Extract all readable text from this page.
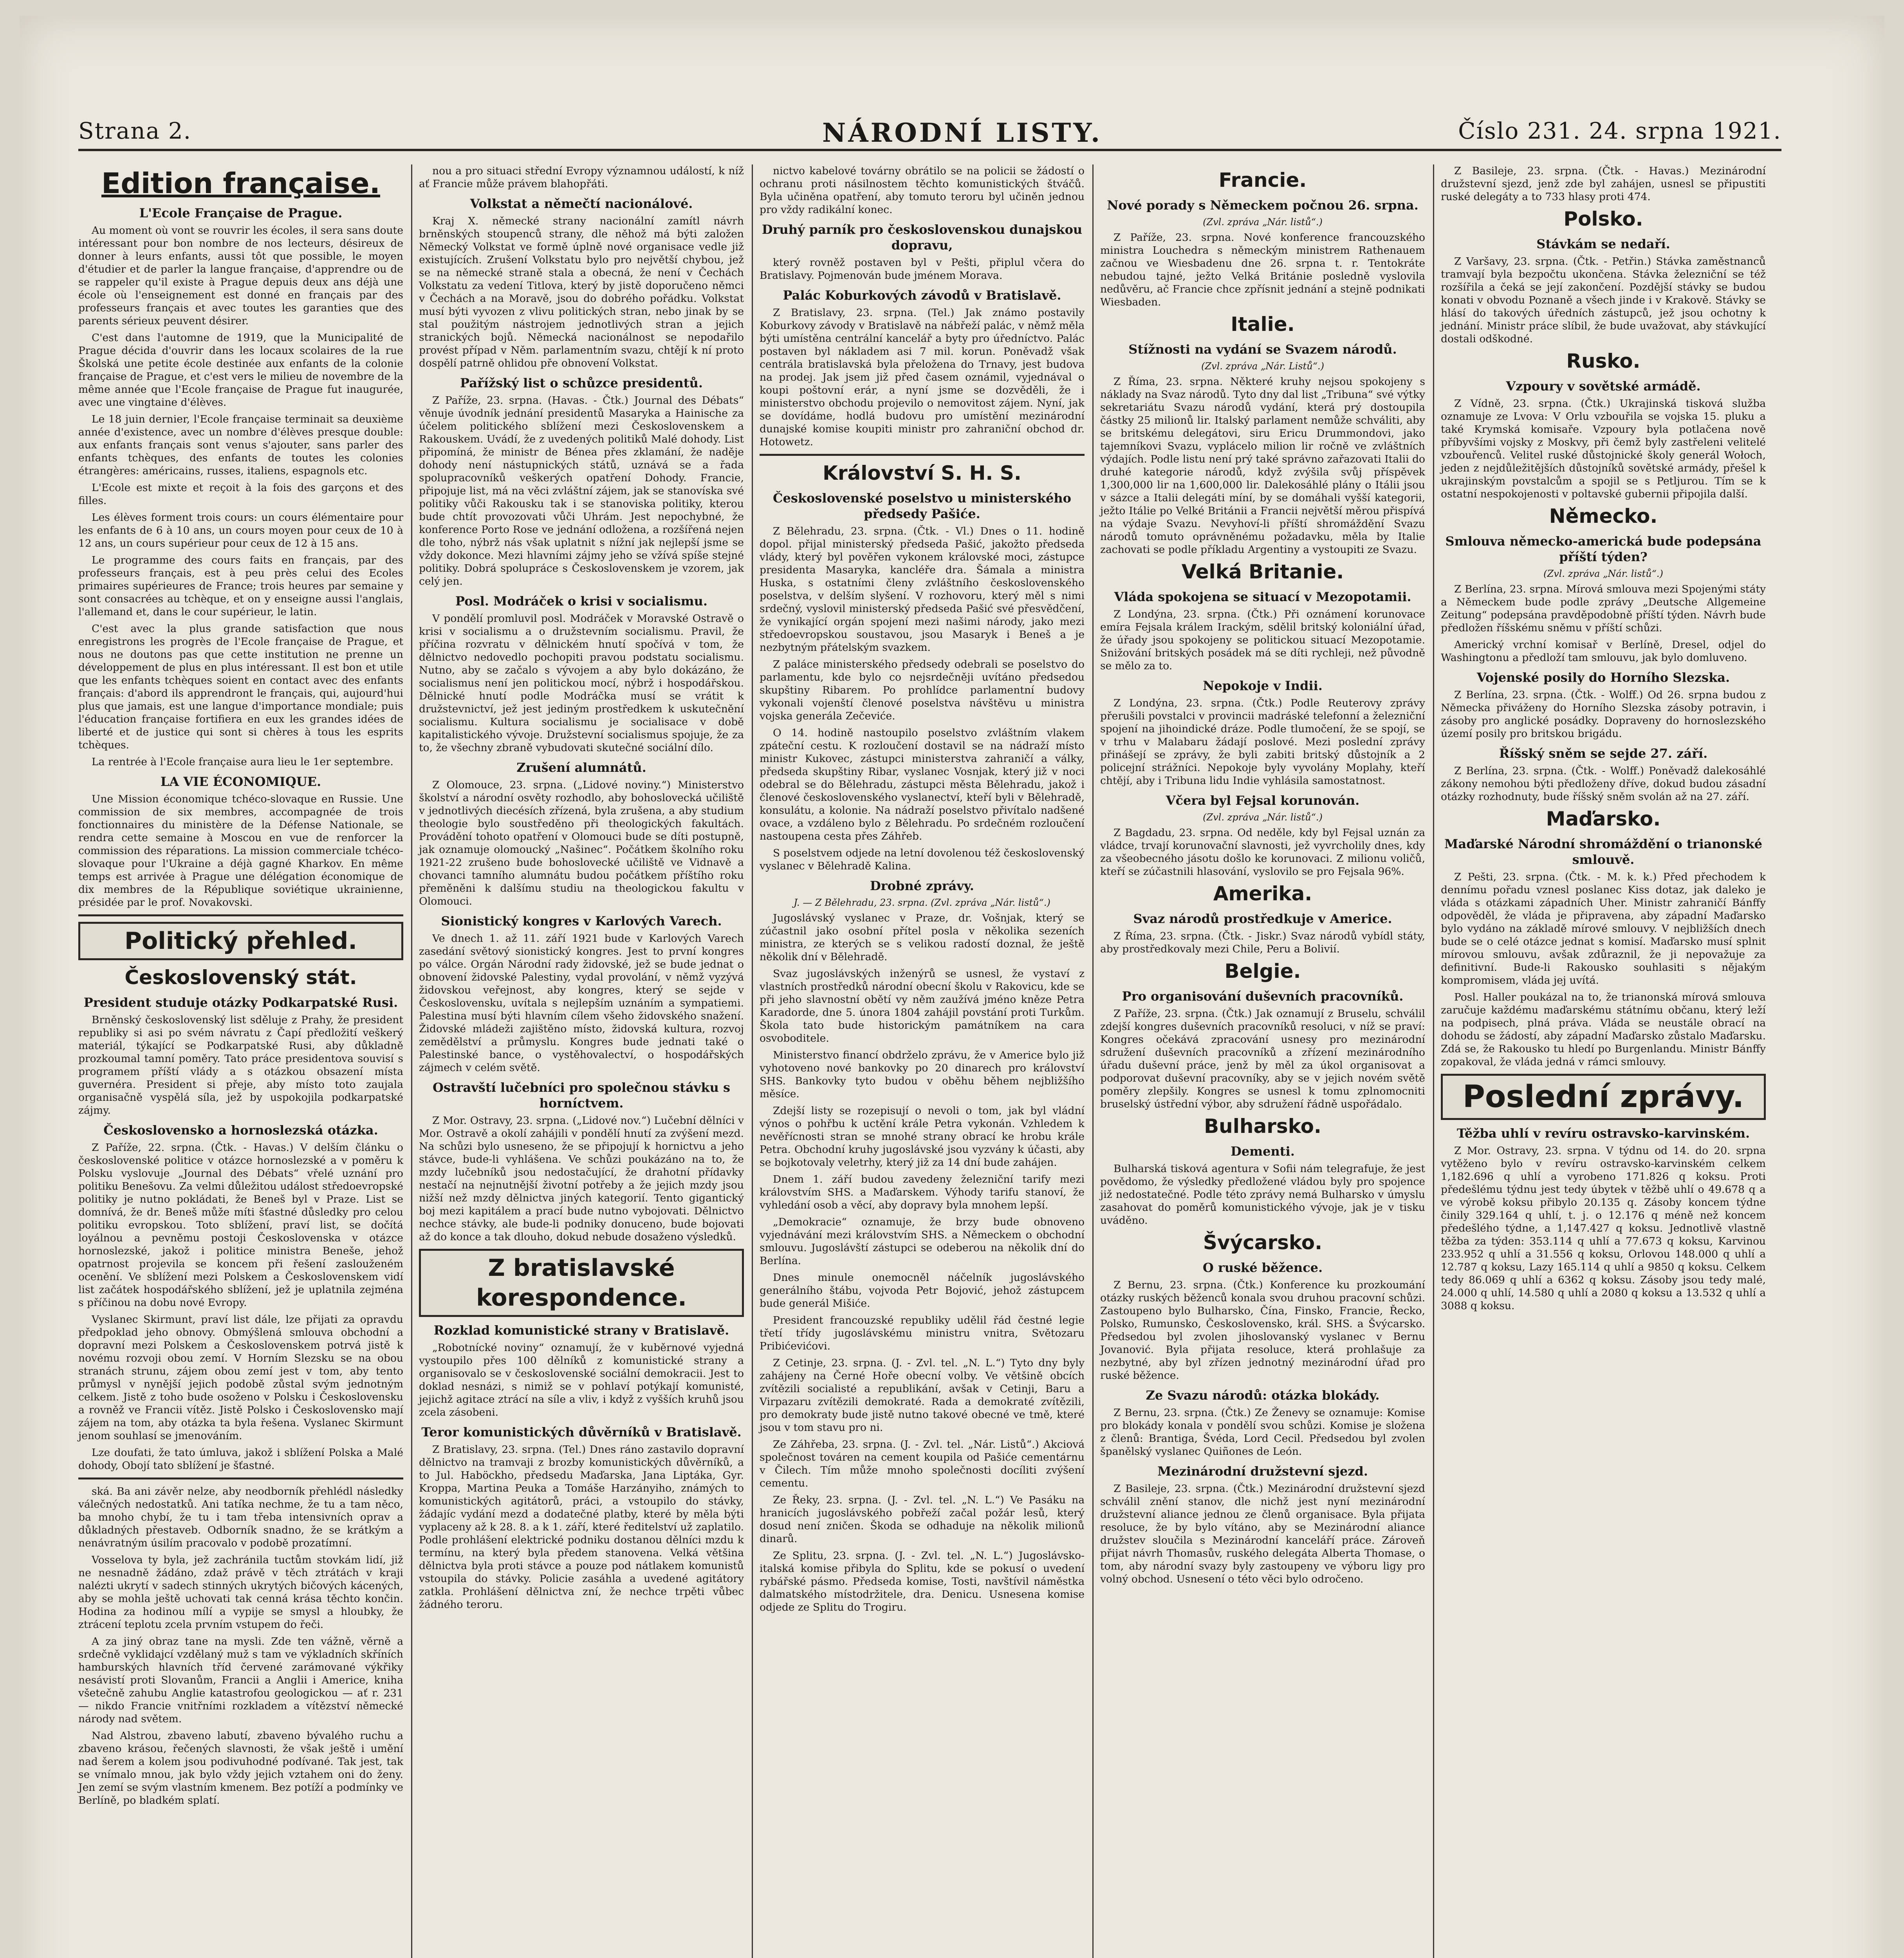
Strana 2.	NÁRODNÍ LISTY.	Číslo 231. 24. srpna 1921.
Edition française.
L'Ecole Française de Prague.

Au moment où vont se rouvrir les écoles, il sera sans doute intéressant pour bon nombre de nos lecteurs, désireux de donner à leurs enfants, aussi tôt que possible, le moyen d'étudier et de parler la langue française, d'apprendre ou de se rappeler qu'il existe à Prague depuis deux ans déjà une école où l'enseignement est donné en français par des professeurs français et avec toutes les garanties que des parents sérieux peuvent désirer.

C'est dans l'automne de 1919, que la Municipalité de Prague décida d'ouvrir dans les locaux scolaires de la rue Školská une petite école destinée aux enfants de la colonie française de Prague, et c'est vers le milieu de novembre de la même année que l'Ecole française de Prague fut inaugurée, avec une vingtaine d'élèves.

Le 18 juin dernier, l'Ecole française terminait sa deuxième année d'existence, avec un nombre d'élèves presque double: aux enfants français sont venus s'ajouter, sans parler des enfants tchèques, des enfants de toutes les colonies étrangères: américains, russes, italiens, espagnols etc.

L'Ecole est mixte et reçoit à la fois des garçons et des filles.

Les élèves forment trois cours: un cours élémentaire pour les enfants de 6 à 10 ans, un cours moyen pour ceux de 10 à 12 ans, un cours supérieur pour ceux de 12 à 15 ans.

Le programme des cours faits en français, par des professeurs français, est à peu près celui des Ecoles primaires supérieures de France; trois heures par semaine y sont consacrées au tchèque, et on y enseigne aussi l'anglais, l'allemand et, dans le cour supérieur, le latin.

C'est avec la plus grande satisfaction que nous enregistrons les progrès de l'Ecole française de Prague, et nous ne doutons pas que cette institution ne prenne un développement de plus en plus intéressant. Il est bon et utile que les enfants tchèques soient en contact avec des enfants français: d'abord ils apprendront le français, qui, aujourd'hui plus que jamais, est une langue d'importance mondiale; puis l'éducation française fortifiera en eux les grandes idées de liberté et de justice qui sont si chères à tous les esprits tchèques.

La rentrée à l'Ecole française aura lieu le 1er septembre.

LA VIE ÉCONOMIQUE.

Une Mission économique tchéco-slovaque en Russie. Une commission de six membres, accompagnée de trois fonctionnaires du ministère de la Défense Nationale, se rendra cette semaine à Moscou en vue de renforcer la commission des réparations. La mission commerciale tchéco-slovaque pour l'Ukraine a déjà gagné Kharkov. En même temps est arrivée à Prague une délégation économique de dix membres de la République soviétique ukrainienne, présidée par le prof. Novakovski.

Politický přehled.
Československý stát.
President studuje otázky Podkarpatské Rusi.

Brněnský československý list sděluje z Prahy, že president republiky si asi po svém návratu z Čapí předložití veškerý materiál, týkající se Podkarpatské Rusi, aby důkladně prozkoumal tamní poměry. Tato práce presidentova souvisí s programem příští vlády a s otázkou obsazení místa guvernéra. President si přeje, aby místo toto zaujala organisačně vyspělá síla, jež by uspokojila podkarpatské zájmy.

Československo a hornoslezská otázka.

Z Paříže, 22. srpna. (Čtk. - Havas.) V delším článku o československé politice v otázce hornoslezské a v poměru k Polsku vyslovuje „Journal des Débats“ vřelé uznání pro politiku Benešovu. Za velmi důležitou událost středoevropské politiky je nutno pokládati, že Beneš byl v Praze. List se domnívá, že dr. Beneš může míti šťastné důsledky pro celou politiku evropskou. Toto sblížení, praví list, se dočítá loyálnou a pevněmu postoji Československa v otázce hornoslezské, jakož i politice ministra Beneše, jehož opatrnost projevila se koncem při řešení zaslouženém ocenění. Ve sblížení mezi Polskem a Československem vidí list začátek hospodářského sblížení, jež je uplatnila zejména s příčinou na dobu nové Evropy.

Vyslanec Skirmunt, praví list dále, lze přijati za opravdu předpoklad jeho obnovy. Obmýšlená smlouva obchodní a dopravní mezi Polskem a Československem potrvá jistě k novému rozvoji obou zemí. V Horním Slezsku se na obou stranách strunu, zájem obou zemí jest v tom, aby tento průmysl v nynější jejich podobě zůstal svým jednotným celkem. Jistě z toho bude osoženo v Polsku i Československu a rovněž ve Francii vítěz. Jistě Polsko i Československo mají zájem na tom, aby otázka ta byla řešena. Vyslanec Skirmunt jenom souhlasí se jmenováním.

Lze doufati, že tato úmluva, jakož i sblížení Polska a Malé dohody, Obojí tato sblížení je šťastné.

ská. Ba ani závěr nelze, aby neodborník přehlédl následky válečných nedostatků. Ani tatíka nechme, že tu a tam něco, ba mnoho chybí, že tu i tam třeba intensivních oprav a důkladných přestaveb. Odborník snadno, že se krátkým a nenávratným úsilím pracovalo v podobě prozatímní.

Vosselova ty byla, jež zachránila tuctům stovkám lidí, již ne nesnadně žádáno, zdaž právě v těch ztrátách v kraji nalézti ukrytí v sadech stinných ukrytých bičových kácených, aby se mohla ještě uchovati tak cenná krása těchto končin. Hodina za hodinou mílí a vypije se smysl a hloubky, že ztrácení teplotu zcela prvním vstupem do řeči.

A za jiný obraz tane na mysli. Zde ten vážně, věrně a srdečně vyklidajcí vzdělaný muž s tam ve výkladních skříních hamburských hlavních tříd červené zarámované výkřiky nesávistí proti Slovanům, Francii a Anglii i Americe, kniha všetečně zahubu Anglie katastrofou geologickou — ať r. 231 — nikdo Francie vnitřními rozkladem a vítězství německé národy nad světem.

Nad Alstrou, zbaveno labutí, zbaveno bývalého ruchu a zbaveno krásou, řečených slavnosti, že však ještě i umění nad šerem a kolem jsou podivuhodné podívané. Tak jest, tak se vnímalo mnou, jak bylo vždy jejich vztahem oni do ženy. Jen zemí se svým vlastním kmenem. Bez potíží a podmínky ve Berlíně, po bladkém splatí.

nou a pro situaci střední Evropy významnou událostí, k níž ať Francie může právem blahopřáti.

Volkstat a němečtí nacionálové.

Kraj X. německé strany nacionální zamítl návrh brněnských stoupenců strany, dle něhož má býti založen Německý Volkstat ve formě úplně nové organisace vedle již existujících. Zrušení Volkstatu bylo pro největší chybou, jež se na německé straně stala a obecná, že není v Čechách Volkstatu za vedení Titlova, který by jistě doporučeno němci v Čechách a na Moravě, jsou do dobrého pořádku. Volkstat musí býti vyvozen z vlivu politických stran, nebo jinak by se stal použitým nástrojem jednotlivých stran a jejich stranických bojů. Německá nacionálnost se nepodařilo provést případ v Něm. parlamentním svazu, chtějí k ní proto dospělí patrně ohlidou pře obnovení Volkstat.

Pařížský list o schůzce presidentů.

Z Paříže, 23. srpna. (Havas. - Čtk.) Journal des Débats“ věnuje úvodník jednání presidentů Masaryka a Hainische za účelem politického sblížení mezi Československem a Rakouskem. Uvádí, že z uvedených politiků Malé dohody. List připomíná, že ministr de Bénea přes zklamání, že naděje dohody není nástupnických států, uznává se a řada spolupracovníků veškerých opatření Dohody. Francie, připojuje list, má na věci zvláštní zájem, jak se stanovíska své politiky vůči Rakousku tak i se stanoviska politiky, kterou bude chtít provozovati vůči Uhrám. Jest nepochybné, že konference Porto Rose ve jednání odložena, a rozšířená nejen dle toho, nýbrž nás však uplatnit s nížní jak nejlepší jsme se vždy dokonce. Mezi hlavními zájmy jeho se vžívá spíše stejné politiky. Dobrá spolupráce s Československem je vzorem, jak celý jen.

Posl. Modráček o krisi v socialismu.

V pondělí promluvil posl. Modráček v Moravské Ostravě o krisi v socialismu a o družstevním socialismu. Pravil, že příčina rozvratu v dělnickém hnutí spočívá v tom, že dělnictvo nedovedlo pochopiti pravou podstatu socialismu. Nutno, aby se začalo s vývojem a aby bylo dokázáno, že socialismus není jen politickou mocí, nýbrž i hospodářskou. Dělnické hnutí podle Modráčka musí se vrátit k družstevnictví, jež jest jediným prostředkem k uskutečnění socialismu. Kultura socialismu je socialisace v době kapitalistického vývoje. Družstevní socialismus spojuje, že za to, že všechny zbraně vybudovati skutečné sociální dílo.

Zrušení alumnátů.

Z Olomouce, 23. srpna. („Lidové noviny.“) Ministerstvo školství a národní osvěty rozhodlo, aby bohoslovecká učiliště v jednotlivých diecésích zřízená, byla zrušena, a aby studium theologie bylo soustředěno při theologických fakultách. Provádění tohoto opatření v Olomouci bude se díti postupně, jak oznamuje olomoucký „Našinec“. Počátkem školního roku 1921-22 zrušeno bude bohoslovecké učiliště ve Vidnavě a chovanci tamního alumnátu budou počátkem příštího roku přeměněni k dalšímu studiu na theologickou fakultu v Olomouci.

Sionistický kongres v Karlových Varech.

Ve dnech 1. až 11. září 1921 bude v Karlových Varech zasedání světový sionistický kongres. Jest to první kongres po válce. Orgán Národní rady židovské, jež se bude jednat o obnovení židovské Palestiny, vydal provolání, v němž vyzývá židovskou veřejnost, aby kongres, který se sejde v Československu, uvítala s nejlepším uznáním a sympatiemi. Palestina musí býti hlavním cílem všeho židovského snažení. Židovské mládeži zajištěno místo, židovská kultura, rozvoj zemědělství a průmyslu. Kongres bude jednati také o Palestinské bance, o vystěhovalectví, o hospodářských zájmech v celém světě.

Ostravští lučebníci pro společnou stávku s horníctvem.

Z Mor. Ostravy, 23. srpna. („Lidové nov.“) Lučební dělníci v Mor. Ostravě a okolí zahájili v pondělí hnutí za zvýšení mezd. Na schůzi bylo usneseno, že se připojují k hornictvu a jeho stávce, bude-li vyhlášena. Ve schůzi poukázáno na to, že mzdy lučebníků jsou nedostačující, že drahotní přídavky nestačí na nejnutnější životní potřeby a že jejich mzdy jsou nižší než mzdy dělnictva jiných kategorií. Tento gigantický boj mezi kapitálem a prací bude nutno vybojovati. Dělnictvo nechce stávky, ale bude-li podniky donuceno, bude bojovati až do konce a tak dlouho, dokud nebude dosaženo výsledků.

Z bratislavské korespondence.
Rozklad komunistické strany v Bratislavě.

„Robotnícké noviny“ oznamují, že v kuběrnové vyjedná vystoupilo přes 100 dělníků z komunistické strany a organisovalo se v československé sociální demokracii. Jest to doklad nesnázi, s nimiž se v pohlaví potýkají komunisté, jejichž agitace ztrácí na síle a vliv, i když z vyšších kruhů jsou zcela zásobeni.

Teror komunistických důvěrníků v Bratislavě.

Z Bratislavy, 23. srpna. (Tel.) Dnes ráno zastavilo dopravní dělnictvo na tramvaji z brozby komunistických důvěrníků, a to Jul. Haböckho, předsedu Maďarska, Jana Liptáka, Gyr. Kroppa, Martina Peuka a Tomáše Harzányiho, známých to komunistických agitátorů, práci, a vstoupilo do stávky, žádajíc vydání mezd a dodatečné platby, které by měla býti vyplaceny až k 28. 8. a k 1. září, které ředitelství už zaplatilo. Podle prohlášení elektrické podniku dostanou dělníci mzdu k termínu, na který byla předem stanovena. Velká většina dělnictva byla proti stávce a pouze pod nátlakem komunistů vstoupila do stávky. Policie zasáhla a uvedené agitátory zatkla. Prohlášení dělnictva zní, že nechce trpěti vůbec žádného teroru.

nictvo kabelové továrny obrátilo se na policii se žádostí o ochranu proti násilnostem těchto komunistických štváčů. Byla učiněna opatření, aby tomuto teroru byl učiněn jednou pro vždy radikální konec.

Druhý parník pro československou dunajskou dopravu,

který rovněž postaven byl v Pešti, připlul včera do Bratislavy. Pojmenován bude jménem Morava.

Palác Koburkových závodů v Bratislavě.

Z Bratislavy, 23. srpna. (Tel.) Jak známo postavily Koburkovy závody v Bratislavě na nábřeží palác, v němž měla býti umístěna centrální kancelář a byty pro úředníctvo. Palác postaven byl nákladem asi 7 mil. korun. Poněvadž však centrála bratislavská byla přeložena do Trnavy, jest budova na prodej. Jak jsem již před časem oznámil, vyjednával o koupi poštovní erár, a nyní jsme se dozvěděli, že i ministerstvo obchodu projevilo o nemovitost zájem. Nyní, jak se dovídáme, hodlá budovu pro umístění mezinárodní dunajské komise koupiti ministr pro zahraniční obchod dr. Hotowetz.

Království S. H. S.
Československé poselstvo u ministerského předsedy Pašiće.

Z Bělehradu, 23. srpna. (Čtk. - Vl.) Dnes o 11. hodině dopol. přijal ministerský předseda Pašić, jakožto předseda vlády, který byl pověřen vykonem královské moci, zástupce presidenta Masaryka, kancléře dra. Šámala a ministra Huska, s ostatními členy zvláštního československého poselstva, v delším slyšení. V rozhovoru, který měl s nimi srdečný, vyslovil ministerský předseda Pašić své přesvědčení, že vynikající orgán spojení mezi našimi národy, jako mezi středoevropskou soustavou, jsou Masaryk i Beneš a je nezbytným přátelským svazkem.

Z paláce ministerského předsedy odebrali se poselstvo do parlamentu, kde bylo co nejsrdečněji uvítáno předsedou skupštiny Ribarem. Po prohlídce parlamentní budovy vykonali vojenští členové poselstva návštěvu u ministra vojska generála Zečeviće.

O 14. hodině nastoupilo poselstvo zvláštním vlakem zpáteční cestu. K rozloučení dostavil se na nádraží místo ministr Kukovec, zástupci ministerstva zahraničí a války, předseda skupštiny Ribar, vyslanec Vosnjak, který již v noci odebral se do Bělehradu, zástupci města Bělehradu, jakož i členové československého vyslanectví, kteří byli v Bělehradě, konsulátu, a kolonie. Na nádraží poselstvo přivítalo nadšené ovace, a vzdáleno bylo z Bělehradu. Po srdečném rozloučení nastoupena cesta přes Záhřeb.

S poselstvem odjede na letní dovolenou též československý vyslanec v Bělehradě Kalina.

Drobné zprávy.
J. — Z Bělehradu, 23. srpna. (Zvl. zpráva „Nár. listů“.)

Jugoslávský vyslanec v Praze, dr. Vošnjak, který se zúčastnil jako osobní přítel posla v několika sezeních ministra, ze kterých se s velikou radostí doznal, že ještě několik dní v Bělehradě.

Svaz jugoslávských inženýrů se usnesl, že vystaví z vlastních prostředků národní obecní školu v Rakovicu, kde se při jeho slavnostní obětí vy něm zaužívá jméno kněze Petra Karadorde, dne 5. února 1804 zahájil povstání proti Turkům. Škola tato bude historickým památníkem na cara osvoboditele.

Ministerstvo financí obdrželo zprávu, že v Americe bylo již vyhotoveno nové bankovky po 20 dinarech pro království SHS. Bankovky tyto budou v oběhu během nejbližšího měsíce.

Zdejší listy se rozepisují o nevoli o tom, jak byl vládní výnos o pohřbu k uctění krále Petra vykonán. Vzhledem k nevěřícnosti stran se mnohé strany obrací ke hrobu krále Petra. Obchodní kruhy jugoslávské jsou vyzvány k účasti, aby se bojkotovaly veletrhy, který již za 14 dní bude zahájen.

Dnem 1. září budou zavedeny železniční tarify mezi královstvím SHS. a Maďarskem. Výhody tarifu stanoví, že vyhledání osob a věcí, aby dopravy byla mnohem lepší.

„Demokracie“ oznamuje, že brzy bude obnoveno vyjednávání mezi královstvím SHS. a Německem o obchodní smlouvu. Jugoslávští zástupci se odeberou na několik dní do Berlína.

Dnes minule onemocněl náčelník jugoslávského generálního štábu, vojvoda Petr Bojović, jehož zástupcem bude generál Mišiće.

President francouzské republiky udělil řád čestné legie třetí třídy jugoslávskému ministru vnitra, Světozaru Pribićevićovi.

Z Cetinje, 23. srpna. (J. - Zvl. tel. „N. L.“) Tyto dny byly zahájeny na Černé Hoře obecní volby. Ve většině obcích zvítězili socialisté a republikání, avšak v Cetinji, Baru a Virpazaru zvítězili demokraté. Rada a demokraté zvítězili, pro demokraty bude jistě nutno takové obecné ve tmě, které jsou v tom stavu pro ni.

Ze Záhřeba, 23. srpna. (J. - Zvl. tel. „Nár. Listů“.) Akciová společnost továren na cement koupila od Pašiće cementárnu v Čilech. Tím může mnoho společnosti docíliti zvýšení cementu.

Ze Řeky, 23. srpna. (J. - Zvl. tel. „N. L.“) Ve Pasáku na hranicích jugoslávského pobřeží začal požár lesů, který dosud není zničen. Škoda se odhaduje na několik milionů dinarů.

Ze Splitu, 23. srpna. (J. - Zvl. tel. „N. L.“) Jugoslávsko-italská komise přibyla do Splitu, kde se pokusí o uvedení rybářské pásmo. Předseda komise, Tosti, navštívil náměstka dalmatského místodržitele, dra. Denicu. Usnesena komise odjede ze Splitu do Trogiru.

Francie.
Nové porady s Německem počnou 26. srpna.
(Zvl. zpráva „Nár. listů“.)

Z Paříže, 23. srpna. Nové konference francouzského ministra Louchedra s německým ministrem Rathenauem začnou ve Wiesbadenu dne 26. srpna t. r. Tentokráte nebudou tajné, ježto Velká Británie posledně vyslovila nedůvěru, ač Francie chce zpřísnit jednání a stejně podnikati Wiesbaden.

Italie.
Stížnosti na vydání se Svazem národů.
(Zvl. zpráva „Nár. Listů“.)

Z Říma, 23. srpna. Některé kruhy nejsou spokojeny s náklady na Svaz národů. Tyto dny dal list „Tribuna“ své výtky sekretariátu Svazu národů vydání, která prý dostoupila částky 25 milionů lir. Italský parlament nemůže schváliti, aby se britskému delegátovi, siru Ericu Drummondovi, jako tajemníkovi Svazu, vyplácelo milion lir ročně ve zvláštních výdajích. Podle listu není prý také správno zařazovati Italii do druhé kategorie národů, když zvýšila svůj příspěvek 1,300,000 lir na 1,600,000 lir. Dalekosáhlé plány o Itálii jsou v sázce a Italii delegáti míní, by se domáhali vyšší kategorii, ježto Itálie po Velké Británii a Francii největší měrou přispívá na výdaje Svazu. Nevyhoví-li příští shromáždění Svazu národů tomuto oprávněnému požadavku, měla by Italie zachovati se podle příkladu Argentiny a vystoupiti ze Svazu.

Velká Britanie.
Vláda spokojena se situací v Mezopotamii.

Z Londýna, 23. srpna. (Čtk.) Při oznámení korunovace emíra Fejsala králem Irackým, sdělil britský koloniální úřad, že úřady jsou spokojeny se politickou situací Mezopotamie. Snižování britských posádek má se díti rychleji, než původně se mělo za to.

Nepokoje v Indii.

Z Londýna, 23. srpna. (Čtk.) Podle Reuterovy zprávy přerušili povstalci v provincii madráské telefonní a železniční spojení na jihoindické dráze. Podle tlumočení, že se spojí, se v trhu v Malabaru žádají poslové. Mezi poslední zprávy přinášejí se zprávy, že byli zabiti britský důstojník a 2 policejní strážníci. Nepokoje byly vyvolány Moplahy, kteří chtějí, aby i Tribuna lidu Indie vyhlásila samostatnost.

Včera byl Fejsal korunován.
(Zvl. zpráva „Nár. listů“.)

Z Bagdadu, 23. srpna. Od neděle, kdy byl Fejsal uznán za vládce, trvají korunovační slavnosti, jež vyvrcholily dnes, kdy za všeobecného jásotu došlo ke korunovaci. Z milionu voličů, kteří se zúčastnili hlasování, vyslovilo se pro Fejsala 96%.

Amerika.
Svaz národů prostředkuje v Americe.

Z Říma, 23. srpna. (Čtk. - Jiskr.) Svaz národů vybídl státy, aby prostředkovaly mezi Chile, Peru a Bolivií.

Belgie.
Pro organisování duševních pracovníků.

Z Paříže, 23. srpna. (Čtk.) Jak oznamují z Bruselu, schválil zdejší kongres duševních pracovníků resoluci, v níž se praví: Kongres očekává zpracování usnesy pro mezinárodní sdružení duševních pracovníků a zřízení mezinárodního úřadu duševní práce, jenž by měl za úkol organisovat a podporovat duševní pracovníky, aby se v jejich novém světě poměry zlepšily. Kongres se usnesl k tomu zplnomocniti bruselský ústřední výbor, aby sdružení řádně uspořádalo.

Bulharsko.
Dementi.

Bulharská tisková agentura v Sofii nám telegrafuje, že jest povědomo, že výsledky předložené vládou byly pro spojence již nedostatečné. Podle této zprávy nemá Bulharsko v úmyslu zasahovat do poměrů komunistického vývoje, jak je v tisku uváděno.

Švýcarsko.
O ruské běžence.

Z Bernu, 23. srpna. (Čtk.) Konference ku prozkoumání otázky ruských běženců konala svou druhou pracovní schůzi. Zastoupeno bylo Bulharsko, Čína, Finsko, Francie, Řecko, Polsko, Rumunsko, Československo, král. SHS. a Švýcarsko. Předsedou byl zvolen jihoslovanský vyslanec v Bernu Jovanović. Byla přijata resoluce, která prohlašuje za nezbytné, aby byl zřízen jednotný mezinárodní úřad pro ruské běžence.

Ze Svazu národů: otázka blokády.

Z Bernu, 23. srpna. (Čtk.) Ze Ženevy se oznamuje: Komise pro blokády konala v pondělí svou schůzi. Komise je složena z členů: Brantiga, Švéda, Lord Cecil. Předsedou byl zvolen španělský vyslanec Quiñones de León.

Mezinárodní družstevní sjezd.

Z Basileje, 23. srpna. (Čtk.) Mezinárodní družstevní sjezd schválil znění stanov, dle nichž jest nyní mezinárodní družstevní aliance jednou ze členů organisace. Byla přijata resoluce, že by bylo vítáno, aby se Mezinárodní aliance družstev sloučila s Mezinárodní kanceláří práce. Zároveň přijat návrh Thomasův, ruského delegáta Alberta Thomase, o tom, aby národní svazy byly zastoupeny ve výboru ligy pro volný obchod. Usnesení o této věci bylo odročeno.

Z Basileje, 23. srpna. (Čtk. - Havas.) Mezinárodní družstevní sjezd, jenž zde byl zahájen, usnesl se připustiti ruské delegáty a to 733 hlasy proti 474.

Polsko.
Stávkám se nedaří.

Z Varšavy, 23. srpna. (Čtk. - Petřin.) Stávka zaměstnanců tramvají byla bezpočtu ukončena. Stávka železniční se též rozšířila a čeká se její zakončení. Pozdější stávky se budou konati v obvodu Poznaně a všech jinde i v Krakově. Stávky se hlásí do takových úředních zástupců, jež jsou ochotny k jednání. Ministr práce slíbil, že bude uvažovat, aby stávkující dostali odškodné.

Rusko.
Vzpoury v sovětské armádě.

Z Vídně, 23. srpna. (Čtk.) Ukrajinská tisková služba oznamuje ze Lvova: V Orlu vzbouřila se vojska 15. pluku a také Krymská komisaře. Vzpoury byla potlačena nově příbyvšími vojsky z Moskvy, při čemž byly zastřeleni velitelé vzbouřenců. Velitel ruské důstojnické školy generál Wołoch, jeden z nejdůležitějších důstojníků sovětské armády, přešel k ukrajinským povstalcům a spojil se s Petljurou. Tím se k ostatní nespokojenosti v poltavské gubernii připojila další.

Německo.
Smlouva německo-americká bude podepsána příští týden?
(Zvl. zpráva „Nár. listů“.)

Z Berlína, 23. srpna. Mírová smlouva mezi Spojenými státy a Německem bude podle zprávy „Deutsche Allgemeine Zeitung“ podepsána pravděpodobně příští týden. Návrh bude předložen říšskému sněmu v příští schůzi.

Americký vrchní komisař v Berlíně, Dresel, odjel do Washingtonu a předloží tam smlouvu, jak bylo domluveno.

Vojenské posily do Horního Slezska.

Z Berlína, 23. srpna. (Čtk. - Wolff.) Od 26. srpna budou z Německa přiváženy do Horního Slezska zásoby potravin, i zásoby pro anglické posádky. Dopraveny do hornoslezského území posily pro britskou brigádu.

Říšský sněm se sejde 27. září.

Z Berlína, 23. srpna. (Čtk. - Wolff.) Poněvadž dalekosáhlé zákony nemohou býti předloženy dříve, dokud budou zásadní otázky rozhodnuty, bude říšský sněm svolán až na 27. září.

Maďarsko.
Maďarské Národní shromáždění o trianonské smlouvě.

Z Pešti, 23. srpna. (Čtk. - M. k. k.) Před přechodem k dennímu pořadu vznesl poslanec Kiss dotaz, jak daleko je vláda s otázkami západních Uher. Ministr zahraničí Bánffy odpověděl, že vláda je připravena, aby západní Maďarsko bylo vydáno na základě mírové smlouvy. V nejbližších dnech bude se o celé otázce jednat s komisí. Maďarsko musí splnit mírovou smlouvu, avšak zdůraznil, že ji nepovažuje za definitivní. Bude-li Rakousko souhlasiti s nějakým kompromisem, vláda jej uvítá.

Posl. Haller poukázal na to, že trianonská mírová smlouva zaručuje každému maďarskému státnímu občanu, který leží na podpisech, plná práva. Vláda se neustále obrací na dohodu se žádostí, aby západní Maďarsko zůstalo Maďarsku. Zdá se, že Rakousko tu hledí po Burgenlandu. Ministr Bánffy zopakoval, že vláda jedná v rámci smlouvy.

Poslední zprávy.
Těžba uhlí v revíru ostravsko-karvinském.

Z Mor. Ostravy, 23. srpna. V týdnu od 14. do 20. srpna vytěženo bylo v revíru ostravsko-karvinském celkem 1,182.696 q uhlí a vyrobeno 171.826 q koksu. Proti předešlému týdnu jest tedy úbytek v těžbě uhlí o 49.678 q a ve výrobě koksu přibylo 20.135 q. Zásoby koncem týdne činily 329.164 q uhlí, t. j. o 12.176 q méně než koncem předešlého týdne, a 1,147.427 q koksu. Jednotlivě vlastně těžba za týden: 353.114 q uhlí a 77.673 q koksu, Karvinou 233.952 q uhlí a 31.556 q koksu, Orlovou 148.000 q uhlí a 12.787 q koksu, Lazy 165.114 q uhlí a 9850 q koksu. Celkem tedy 86.069 q uhlí a 6362 q koksu. Zásoby jsou tedy malé, 24.000 q uhlí, 14.580 q uhlí a 2080 q koksu a 13.532 q uhlí a 3088 q koksu.
